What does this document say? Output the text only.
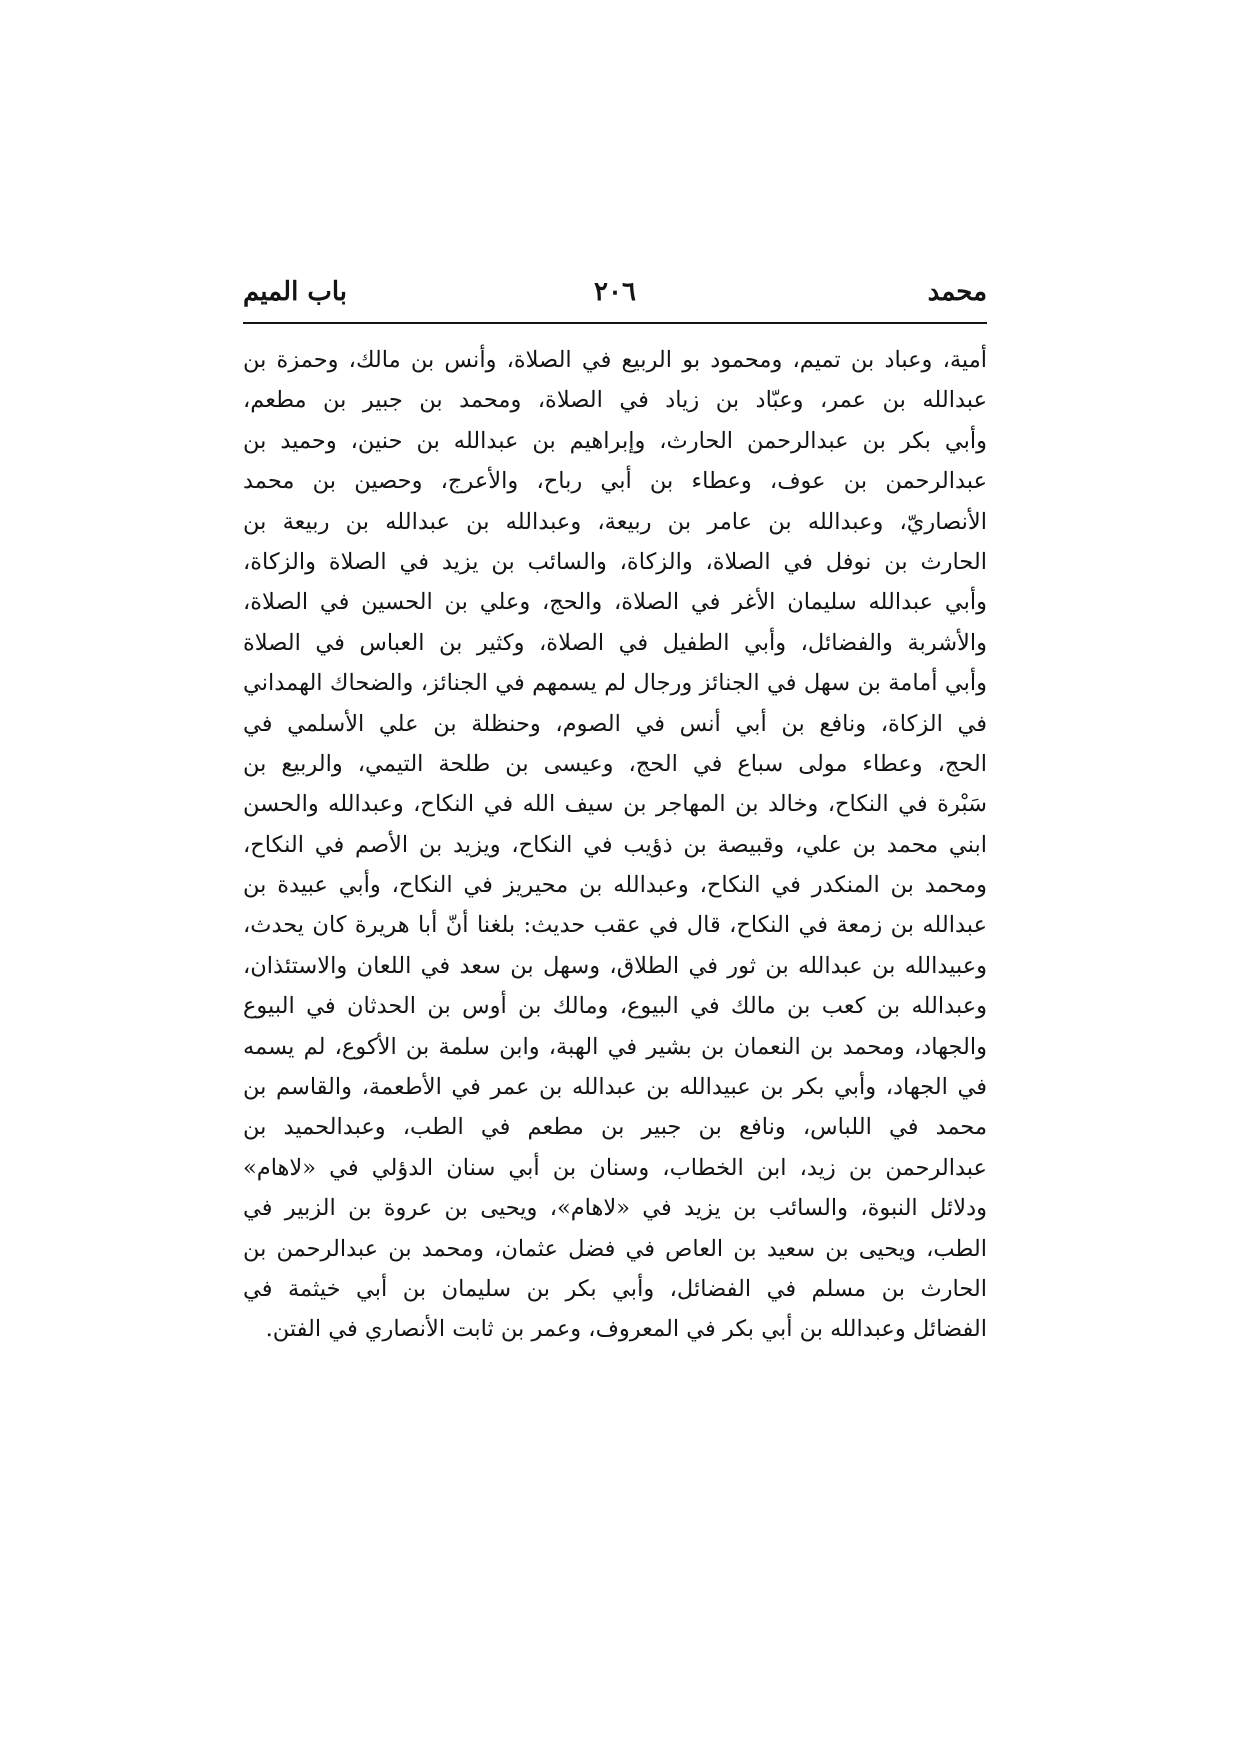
محمد
٢٠٦
باب الميم
أمية، وعباد بن تميم، ومحمود بو الربيع في الصلاة، وأنس بن مالك، وحمزة بن
عبدالله بن عمر، وعبّاد بن زياد في الصلاة، ومحمد بن جبير بن مطعم،
وأبي بكر بن عبدالرحمن الحارث، وإبراهيم بن عبدالله بن حنين، وحميد بن
عبدالرحمن بن عوف، وعطاء بن أبي رباح، والأعرج، وحصين بن محمد
الأنصاريّ، وعبدالله بن عامر بن ربيعة، وعبدالله بن عبدالله بن ربيعة بن
الحارث بن نوفل في الصلاة، والزكاة، والسائب بن يزيد في الصلاة والزكاة،
وأبي عبدالله سليمان الأغر في الصلاة، والحج، وعلي بن الحسين في الصلاة،
والأشربة والفضائل، وأبي الطفيل في الصلاة، وكثير بن العباس في الصلاة
وأبي أمامة بن سهل في الجنائز ورجال لم يسمهم في الجنائز، والضحاك الهمداني
في الزكاة، ونافع بن أبي أنس في الصوم، وحنظلة بن علي الأسلمي في
الحج، وعطاء مولى سباع في الحج، وعيسى بن طلحة التيمي، والربيع بن
سَبْرة في النكاح، وخالد بن المهاجر بن سيف الله في النكاح، وعبدالله والحسن
ابني محمد بن علي، وقبيصة بن ذؤيب في النكاح، ويزيد بن الأصم في النكاح،
ومحمد بن المنكدر في النكاح، وعبدالله بن محيريز في النكاح، وأبي عبيدة بن
عبدالله بن زمعة في النكاح، قال في عقب حديث: بلغنا أنّ أبا هريرة كان يحدث،
وعبيدالله بن عبدالله بن ثور في الطلاق، وسهل بن سعد في اللعان والاستئذان،
وعبدالله بن كعب بن مالك في البيوع، ومالك بن أوس بن الحدثان في البيوع
والجهاد، ومحمد بن النعمان بن بشير في الهبة، وابن سلمة بن الأكوع، لم يسمه
في الجهاد، وأبي بكر بن عبيدالله بن عبدالله بن عمر في الأطعمة، والقاسم بن
محمد في اللباس، ونافع بن جبير بن مطعم في الطب، وعبدالحميد بن
عبدالرحمن بن زيد، ابن الخطاب، وسنان بن أبي سنان الدؤلي في «لاهام»
ودلائل النبوة، والسائب بن يزيد في «لاهام»، ويحيى بن عروة بن الزبير في
الطب، ويحيى بن سعيد بن العاص في فضل عثمان، ومحمد بن عبدالرحمن بن
الحارث بن مسلم في الفضائل، وأبي بكر بن سليمان بن أبي خيثمة في
الفضائل وعبدالله بن أبي بكر في المعروف، وعمر بن ثابت الأنصاري في الفتن.
